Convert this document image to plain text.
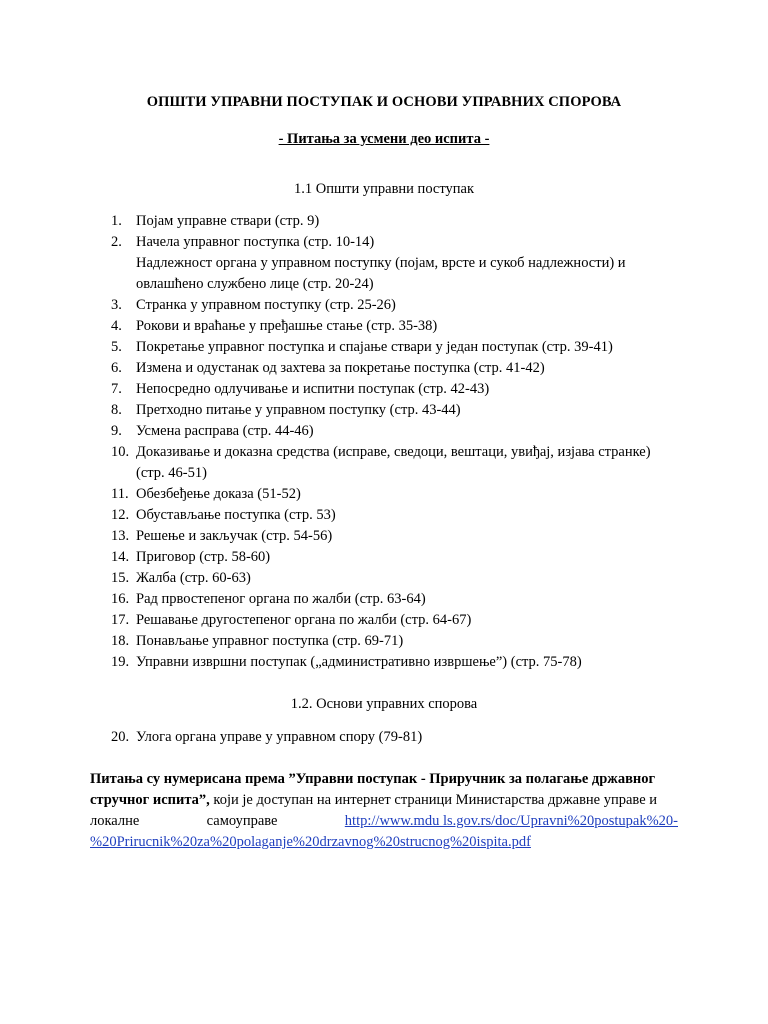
ОПШТИ УПРАВНИ ПОСТУПАК И ОСНОВИ УПРАВНИХ СПОРОВА
- Питања за усмени део испита -
1.1 Општи управни поступак
1. Појам управне ствари (стр. 9)
2. Начела управног поступка (стр. 10-14)
Надлежност органа у управном поступку (појам, врсте и сукоб надлежности) и
овлашћено службено лице (стр. 20-24)
3. Странка у управном поступку (стр. 25-26)
4. Рокови и враћање у пређашње стање (стр. 35-38)
5. Покретање управног поступка и спајање ствари у један поступак (стр. 39-41)
6. Измена и одустанак од захтева за покретање поступка (стр. 41-42)
7. Непосредно одлучивање и испитни поступак (стр. 42-43)
8. Претходно питање у управном поступку (стр. 43-44)
9. Усмена расправа (стр. 44-46)
10. Доказивање и доказна средства (исправе, сведоци, вештаци, увиђај, изјава странке)
(стр. 46-51)
11. Обезбеђење доказа (51-52)
12. Обустављање поступка (стр. 53)
13. Решење и закључак (стр. 54-56)
14. Приговор (стр. 58-60)
15. Жалба (стр. 60-63)
16. Рад првостепеног органа по жалби (стр. 63-64)
17. Решавање другостепеног органа по жалби (стр. 64-67)
18. Понављање управног поступка (стр. 69-71)
19. Управни извршни поступак („административно извршење”) (стр. 75-78)
1.2. Основи управних спорова
20. Улога органа управе у управном спору (79-81)
Питања су нумерисана према ”Управни поступак - Приручник за полагање државног
стручног испита”, који је доступан на интернет страници Министарства државне управе и
локалне	самоуправе	http://www.mdu ls.gov.rs/doc/Upravni%20postupak%20-
%20Prirucnik%20za%20polaganje%20drzavnog%20strucnog%20ispita.pdf
